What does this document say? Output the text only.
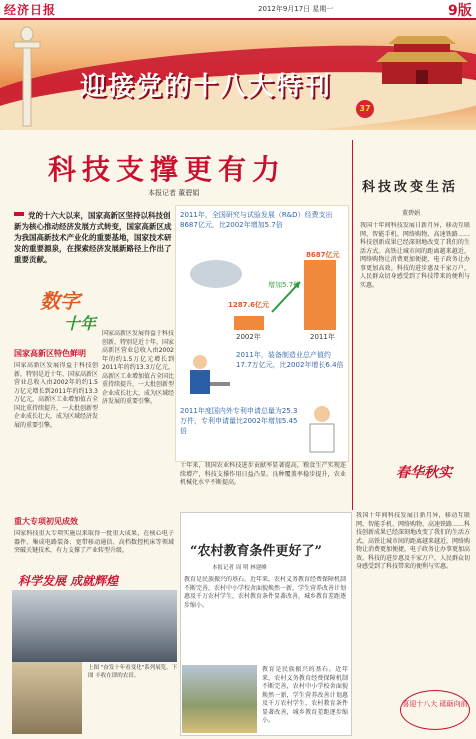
经济日报	2012年9月17日 星期一	9版
迎接党的十八大特刊
37
科技支撑更有力
本报记者 董碧娟
党的十六大以来，国家高新区坚持以科技创新为核心推动经济发展方式转变，国家高新区成为我国高新技术产业化的重要基地，国家技术研发的重要源泉，在探索经济发展新路径上作出了重要贡献。
数字
十年
国家高新区特色鲜明
国家高新区发展得益于科技创新，特别是近十年，国家高新区营业总收入由2002年的约1.5万亿元增长到2011年的约13.3万亿元，高新区工业增加值占全国比重持续提升，一大批创新型企业成长壮大，成为区域经济发展的重要引擎。
国家高新区发展得益于科技创新，特别是近十年，国家高新区营业总收入由2002年的约1.5万亿元增长到2011年的约13.3万亿元，高新区工业增加值占全国比重持续提升，一大批创新型企业成长壮大，成为区域经济发展的重要引擎。
重大专项初见成效
国家科技重大专项实施以来取得一批重大成果，在核心电子器件、集成电路装备、宽带移动通信、高档数控机床等领域突破关键技术，有力支撑了产业转型升级。
十年来，我国农业科技进步贡献率显著提高，粮食生产实现连续增产，科技支撑作用日益凸显。良种覆盖率稳步提升，农业机械化水平不断提高。
2011年，全国研究与试验发展（R&D）经费支出8687亿元，比2002年增加5.7倍
1287.6亿元
8687亿元
2002年	2011年
增加5.7倍
2011年，装备制造业总产值约17.7万亿元，比2002年增长6.4倍
2011年度国内外专利申请总量为25.3万件，专利申请量比2002年增加5.45倍
科技改变生活
董碧娟
我国十年间科技发展日新月异，移动互联网、智能手机、网络购物、高速铁路……科技创新成果已经深刻地改变了我们的生活方式。高铁让城市间的距离越来越近，网络购物让消费更加便捷，电子政务让办事更加高效。科技的进步惠及千家万户，人民群众切身感受到了科技带来的便利与实惠。
春华秋实
科学发展 成就辉煌
上图 "奋发十年看变化"系列展览。下图 丰收在即的农田。
“农村教育条件更好了”
本报记者 周 明 林建峰
教育是民族振兴的基石。近年来，农村义务教育经费保障机制不断完善，农村中小学校舍面貌焕然一新，学生营养改善计划惠及千万农村学生，农村教育条件显著改善，城乡教育差距逐步缩小。
教育是民族振兴的基石。近年来，农村义务教育经费保障机制不断完善，农村中小学校舍面貌焕然一新，学生营养改善计划惠及千万农村学生，农村教育条件显著改善，城乡教育差距逐步缩小。
我国十年间科技发展日新月异，移动互联网、智能手机、网络购物、高速铁路……科技创新成果已经深刻地改变了我们的生活方式。高铁让城市间的距离越来越近，网络购物让消费更加便捷，电子政务让办事更加高效。科技的进步惠及千家万户，人民群众切身感受到了科技带来的便利与实惠。
喜迎十八大 砥砺向前
